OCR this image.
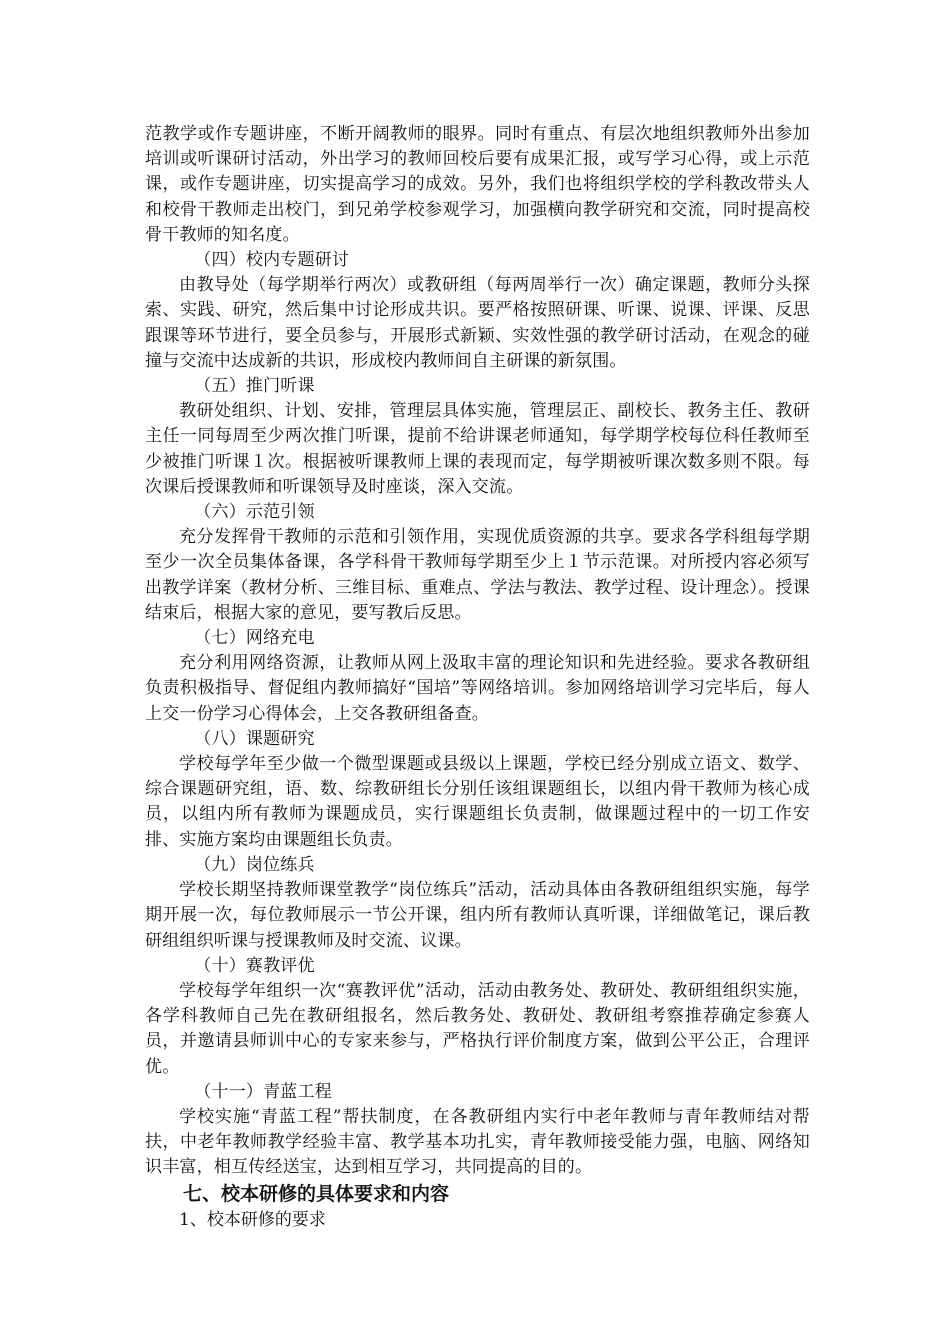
范教学或作专题讲座，不断开阔教师的眼界。同时有重点、有层次地组织教师外出参加培训或听课研讨活动，外出学习的教师回校后要有成果汇报，或写学习心得，或上示范课，或作专题讲座，切实提高学习的成效。另外，我们也将组织学校的学科教改带头人和校骨干教师走出校门，到兄弟学校参观学习，加强横向教学研究和交流，同时提高校骨干教师的知名度。

（四）校内专题研讨

由教导处（每学期举行两次）或教研组（每两周举行一次）确定课题，教师分头探索、实践、研究，然后集中讨论形成共识。要严格按照研课、听课、说课、评课、反思跟课等环节进行，要全员参与，开展形式新颖、实效性强的教学研讨活动，在观念的碰撞与交流中达成新的共识，形成校内教师间自主研课的新氛围。

（五）推门听课

教研处组织、计划、安排，管理层具体实施，管理层正、副校长、教务主任、教研主任一同每周至少两次推门听课，提前不给讲课老师通知，每学期学校每位科任教师至少被推门听课１次。根据被听课教师上课的表现而定，每学期被听课次数多则不限。每次课后授课教师和听课领导及时座谈，深入交流。

（六）示范引领

充分发挥骨干教师的示范和引领作用，实现优质资源的共享。要求各学科组每学期至少一次全员集体备课，各学科骨干教师每学期至少上１节示范课。对所授内容必须写出教学详案（教材分析、三维目标、重难点、学法与教法、教学过程、设计理念）。授课结束后，根据大家的意见，要写教后反思。

（七）网络充电

充分利用网络资源，让教师从网上汲取丰富的理论知识和先进经验。要求各教研组负责积极指导、督促组内教师搞好“国培”等网络培训。参加网络培训学习完毕后，每人上交一份学习心得体会，上交各教研组备查。

（八）课题研究

学校每学年至少做一个微型课题或县级以上课题，学校已经分别成立语文、数学、综合课题研究组，语、数、综教研组长分别任该组课题组长，以组内骨干教师为核心成员，以组内所有教师为课题成员，实行课题组长负责制，做课题过程中的一切工作安排、实施方案均由课题组长负责。

（九）岗位练兵

学校长期坚持教师课堂教学“岗位练兵”活动，活动具体由各教研组组织实施，每学期开展一次，每位教师展示一节公开课，组内所有教师认真听课，详细做笔记，课后教研组组织听课与授课教师及时交流、议课。

（十）赛教评优

学校每学年组织一次“赛教评优”活动，活动由教务处、教研处、教研组组织实施，各学科教师自己先在教研组报名，然后教务处、教研处、教研组考察推荐确定参赛人员，并邀请县师训中心的专家来参与，严格执行评价制度方案，做到公平公正，合理评优。

（十一）青蓝工程

学校实施“青蓝工程”帮扶制度，在各教研组内实行中老年教师与青年教师结对帮扶，中老年教师教学经验丰富、教学基本功扎实，青年教师接受能力强，电脑、网络知识丰富，相互传经送宝，达到相互学习，共同提高的目的。

七、校本研修的具体要求和内容

1、校本研修的要求
